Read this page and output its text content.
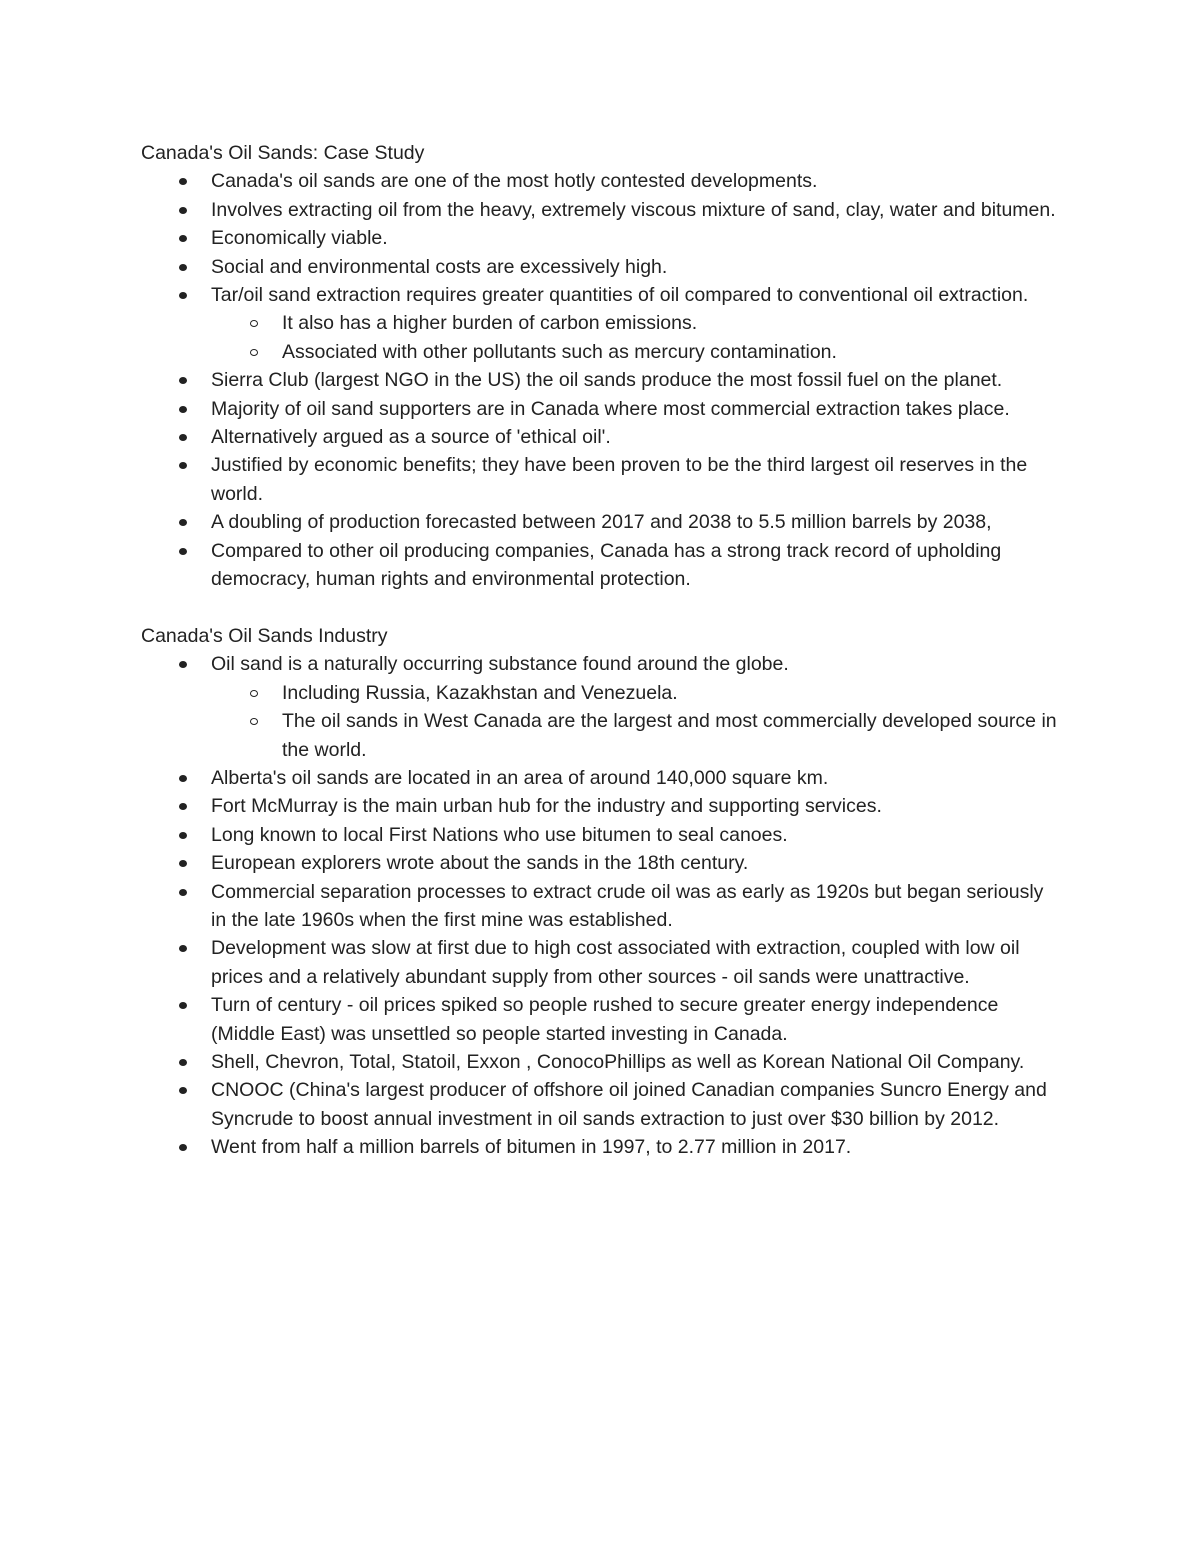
Canada's Oil Sands: Case Study

Canada's oil sands are one of the most hotly contested developments.
Involves extracting oil from the heavy, extremely viscous mixture of sand, clay, water and bitumen.
Economically viable.
Social and environmental costs are excessively high.
Tar/oil sand extraction requires greater quantities of oil compared to conventional oil extraction.
It also has a higher burden of carbon emissions.
Associated with other pollutants such as mercury contamination.
Sierra Club (largest NGO in the US) the oil sands produce the most fossil fuel on the planet.
Majority of oil sand supporters are in Canada where most commercial extraction takes place.
Alternatively argued as a source of 'ethical oil'.
Justified by economic benefits; they have been proven to be the third largest oil reserves in the world.
A doubling of production forecasted between 2017 and 2038 to 5.5 million barrels by 2038,
Compared to other oil producing companies, Canada has a strong track record of upholding democracy, human rights and environmental protection.

Canada's Oil Sands Industry

Oil sand is a naturally occurring substance found around the globe.
Including Russia, Kazakhstan and Venezuela.
The oil sands in West Canada are the largest and most commercially developed source in the world.
Alberta's oil sands are located in an area of around 140,000 square km.
Fort McMurray is the main urban hub for the industry and supporting services.
Long known to local First Nations who use bitumen to seal canoes.
European explorers wrote about the sands in the 18th century.
Commercial separation processes to extract crude oil was as early as 1920s but began seriously in the late 1960s when the first mine was established.
Development was slow at first due to high cost associated with extraction, coupled with low oil prices and a relatively abundant supply from other sources - oil sands were unattractive.
Turn of century - oil prices spiked so people rushed to secure greater energy independence (Middle East) was unsettled so people started investing in Canada.
Shell, Chevron, Total, Statoil, Exxon , ConocoPhillips as well as Korean National Oil Company.
CNOOC (China's largest producer of offshore oil joined Canadian companies Suncro Energy and Syncrude to boost annual investment in oil sands extraction to just over $30 billion by 2012.
Went from half a million barrels of bitumen in 1997, to 2.77 million in 2017.
